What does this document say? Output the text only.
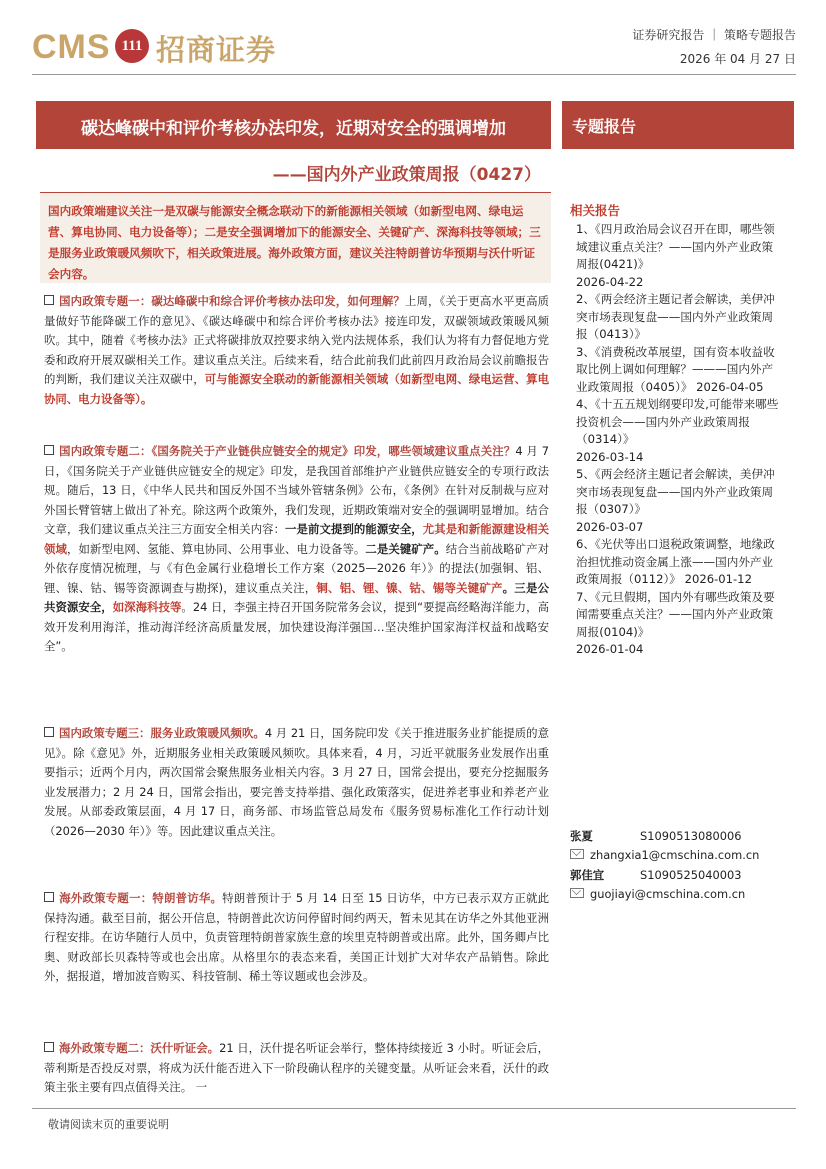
CMS 111 招商证券	证券研究报告 ｜ 策略专题报告
2026 年 04 月 27 日
碳达峰碳中和评价考核办法印发，近期对安全的强调增加
——国内外产业政策周报（0427）
专题报告

国内政策端建议关注一是双碳与能源安全概念联动下的新能源相关领域（如新型电网、绿电运营、算电协同、电力设备等）；二是安全强调增加下的能源安全、关键矿产、深海科技等领域；三是服务业政策暖风频吹下，相关政策进展。海外政策方面，建议关注特朗普访华预期与沃什听证会内容。

国内政策专题一：碳达峰碳中和综合评价考核办法印发，如何理解？上周，《关于更高水平更高质量做好节能降碳工作的意见》、《碳达峰碳中和综合评价考核办法》接连印发，双碳领域政策暖风频吹。其中，随着《考核办法》正式将碳排放双控要求纳入党内法规体系，我们认为将有力督促地方党委和政府开展双碳相关工作。建议重点关注。后续来看，结合此前我们此前四月政治局会议前瞻报告的判断，我们建议关注双碳中，可与能源安全联动的新能源相关领域（如新型电网、绿电运营、算电协同、电力设备等）。
国内政策专题二：《国务院关于产业链供应链安全的规定》印发，哪些领域建议重点关注？4 月 7 日，《国务院关于产业链供应链安全的规定》印发，是我国首部维护产业链供应链安全的专项行政法规。随后，13 日，《中华人民共和国反外国不当域外管辖条例》公布，《条例》在针对反制裁与应对外国长臂管辖上做出了补充。除这两个政策外，我们发现，近期政策端对安全的强调明显增加。结合文章，我们建议重点关注三方面安全相关内容：一是前文提到的能源安全，尤其是和新能源建设相关领域，如新型电网、氢能、算电协同、公用事业、电力设备等。二是关键矿产。结合当前战略矿产对外依存度情况梳理，与《有色金属行业稳增长工作方案（2025—2026 年）》的提法(加强铜、铝、锂、镍、钴、锡等资源调查与勘探)，建议重点关注，铜、铝、锂、镍、钴、锡等关键矿产。三是公共资源安全，如深海科技等。24 日，李强主持召开国务院常务会议，提到“要提高经略海洋能力，高效开发利用海洋，推动海洋经济高质量发展，加快建设海洋强国…坚决维护国家海洋权益和战略安全”。
国内政策专题三：服务业政策暖风频吹。4 月 21 日，国务院印发《关于推进服务业扩能提质的意见》。除《意见》外，近期服务业相关政策暖风频吹。具体来看，4 月，习近平就服务业发展作出重要指示；近两个月内，两次国常会聚焦服务业相关内容。3 月 27 日，国常会提出，要充分挖掘服务业发展潜力；2 月 24 日，国常会指出，要完善支持举措、强化政策落实，促进养老事业和养老产业发展。从部委政策层面，4 月 17 日，商务部、市场监管总局发布《服务贸易标准化工作行动计划（2026—2030 年）》等。因此建议重点关注。
海外政策专题一：特朗普访华。特朗普预计于 5 月 14 日至 15 日访华，中方已表示双方正就此保持沟通。截至目前，据公开信息，特朗普此次访问停留时间约两天，暂未见其在访华之外其他亚洲行程安排。在访华随行人员中，负责管理特朗普家族生意的埃里克特朗普或出席。此外，国务卿卢比奥、财政部长贝森特等或也会出席。从格里尔的表态来看，美国正计划扩大对华农产品销售。除此外，据报道，增加波音购买、科技管制、稀土等议题或也会涉及。
海外政策专题二：沃什听证会。21 日，沃什提名听证会举行，整体持续接近 3 小时。听证会后，蒂利斯是否投反对票，将成为沃什能否进入下一阶段确认程序的关键变量。从听证会来看，沃什的政策主张主要有四点值得关注。 一
相关报告
1、《四月政治局会议召开在即，哪些领域建议重点关注？——国内外产业政策周报(0421)》
2026-04-22
2、《两会经济主题记者会解读，美伊冲突市场表现复盘——国内外产业政策周报（0413）》
3、《消费税改革展望，国有资本收益收取比例上调如何理解？———国内外产业政策周报（0405）》 2026-04-05
4、《十五五规划纲要印发,可能带来哪些投资机会——国内外产业政策周报（0314）》
2026-03-14
5、《两会经济主题记者会解读，美伊冲突市场表现复盘——国内外产业政策周报（0307）》
2026-03-07
6、《光伏等出口退税政策调整，地缘政治担忧推动资金属上涨——国内外产业政策周报（0112）》 2026-01-12
7、《元旦假期，国内外有哪些政策及要闻需要重点关注？——国内外产业政策周报(0104)》
2026-01-04
张夏	S1090513080006
zhangxia1@cmschina.com.cn
郭佳宜	S1090525040003
guojiayi@cmschina.com.cn
敬请阅读末页的重要说明
